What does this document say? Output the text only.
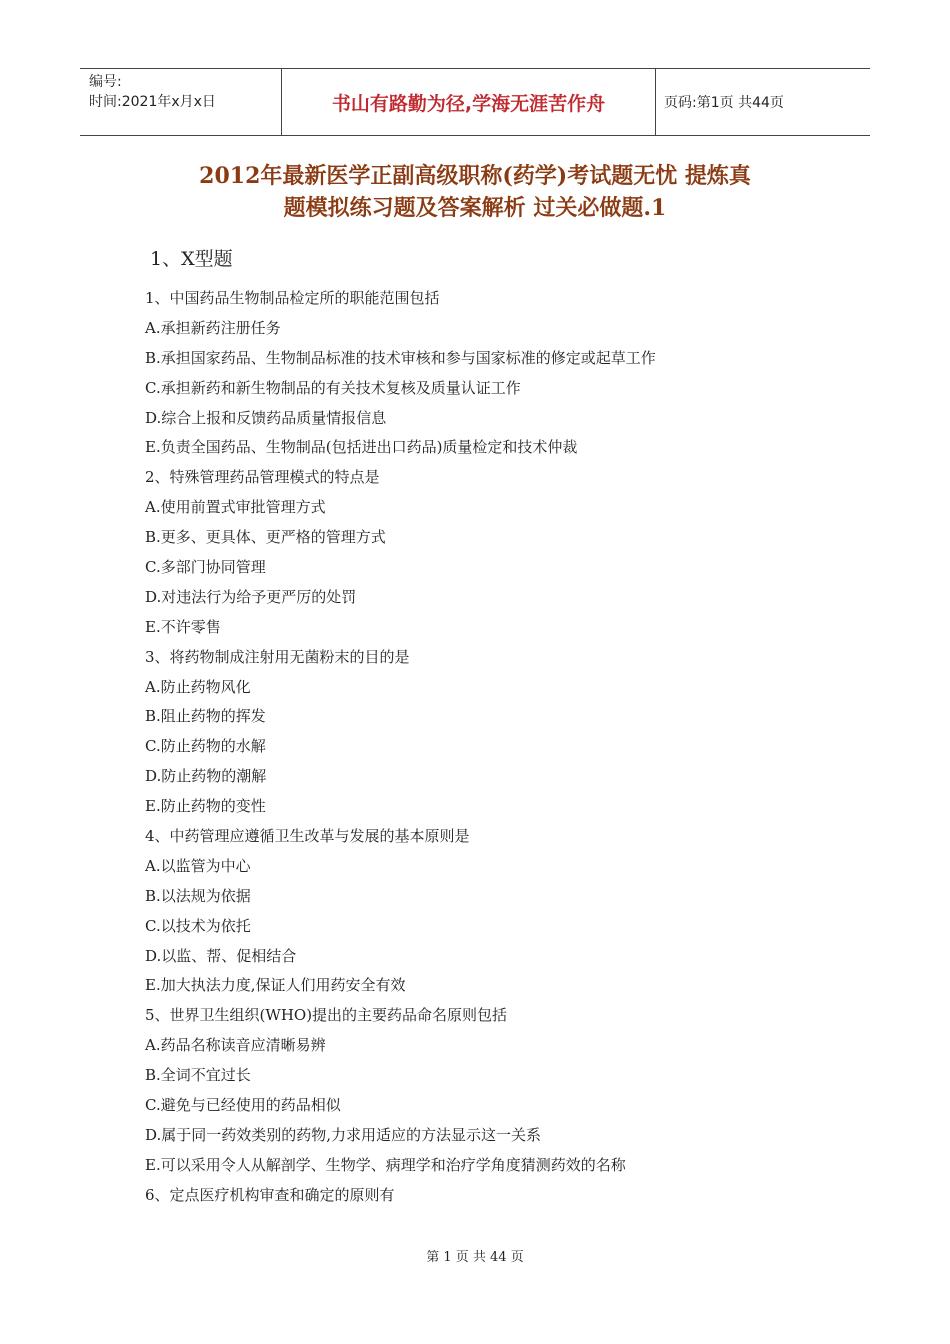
编号:
时间:2021年x月x日	书山有路勤为径,学海无涯苦作舟	页码:第1页 共44页
2012年最新医学正副高级职称(药学)考试题无忧 提炼真
题模拟练习题及答案解析 过关必做题.1
1、X型题
1、中国药品生物制品检定所的职能范围包括
A.承担新药注册任务
B.承担国家药品、生物制品标准的技术审核和参与国家标准的修定或起草工作
C.承担新药和新生物制品的有关技术复核及质量认证工作
D.综合上报和反馈药品质量情报信息
E.负责全国药品、生物制品(包括进出口药品)质量检定和技术仲裁
2、特殊管理药品管理模式的特点是
A.使用前置式审批管理方式
B.更多、更具体、更严格的管理方式
C.多部门协同管理
D.对违法行为给予更严厉的处罚
E.不许零售
3、将药物制成注射用无菌粉末的目的是
A.防止药物风化
B.阻止药物的挥发
C.防止药物的水解
D.防止药物的潮解
E.防止药物的变性
4、中药管理应遵循卫生改革与发展的基本原则是
A.以监管为中心
B.以法规为依据
C.以技术为依托
D.以监、帮、促相结合
E.加大执法力度,保证人们用药安全有效
5、世界卫生组织(WHO)提出的主要药品命名原则包括
A.药品名称读音应清晰易辨
B.全词不宜过长
C.避免与已经使用的药品相似
D.属于同一药效类别的药物,力求用适应的方法显示这一关系
E.可以采用令人从解剖学、生物学、病理学和治疗学角度猜测药效的名称
6、定点医疗机构审查和确定的原则有
第 1 页 共 44 页
